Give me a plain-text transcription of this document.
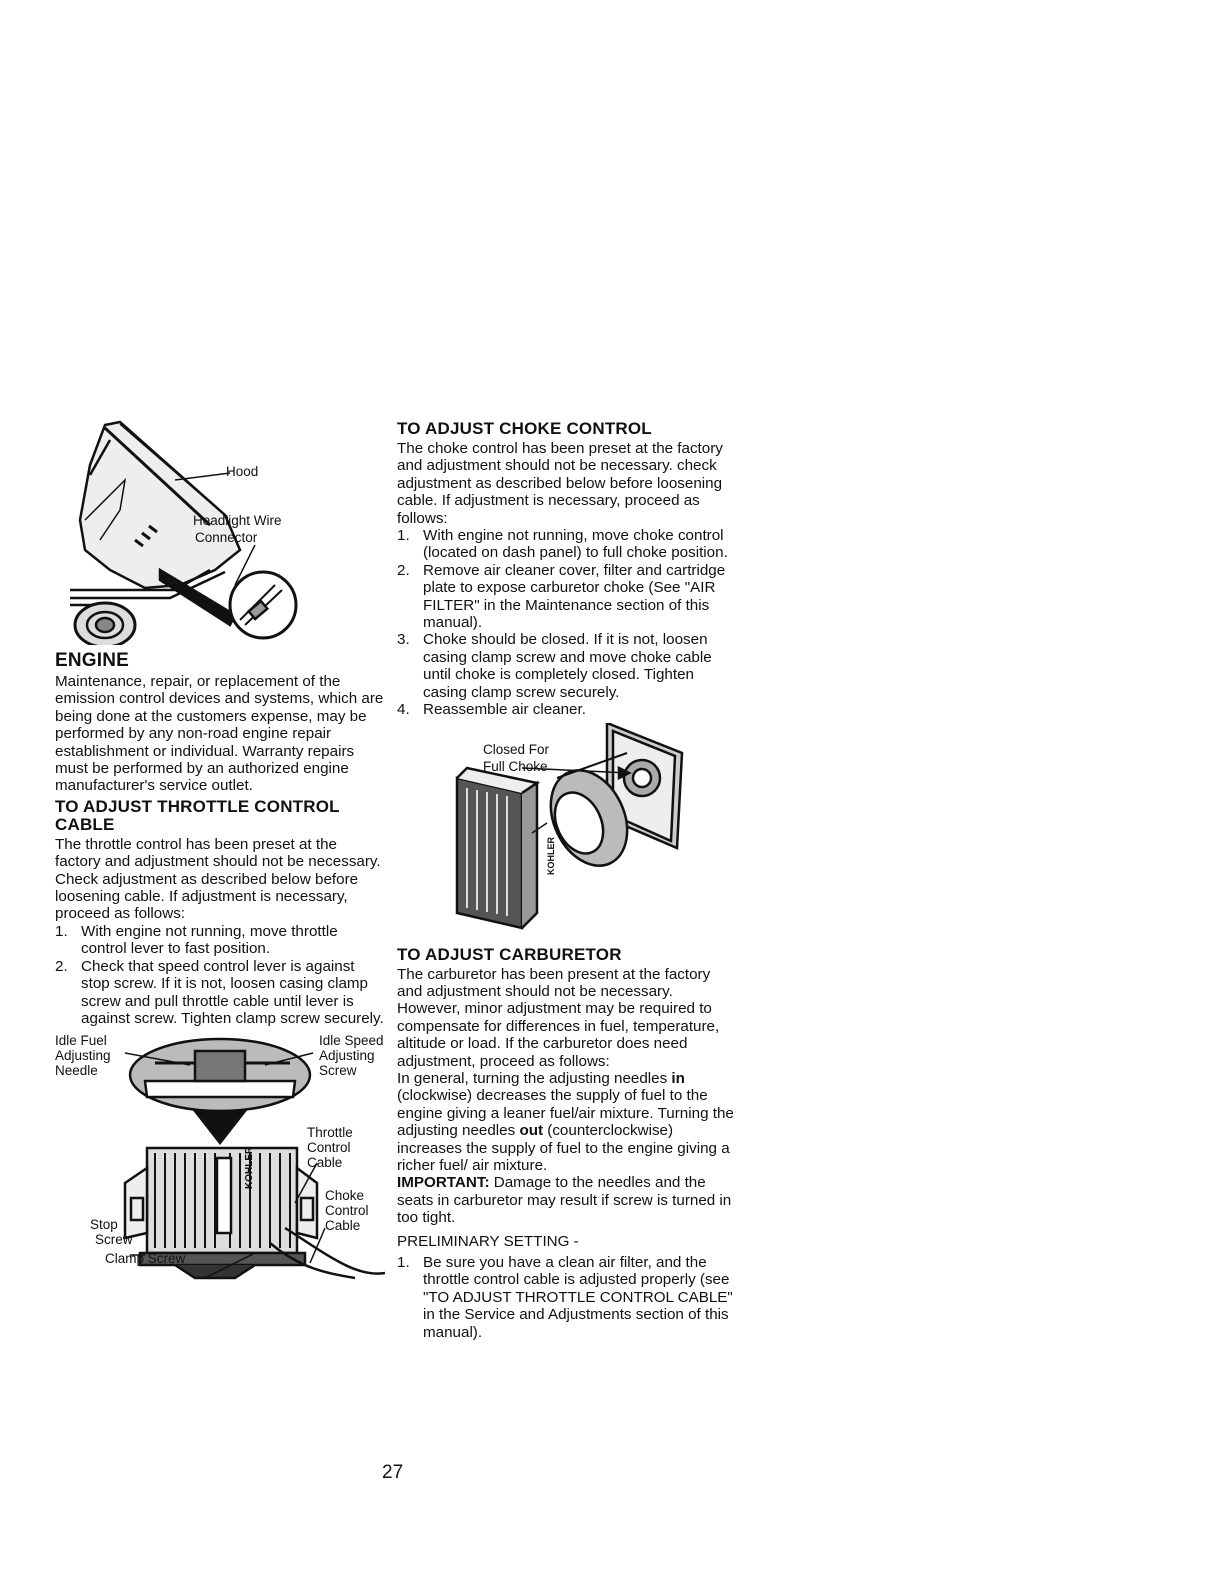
Hood
Headlight Wire
Connector
ENGINE

Maintenance, repair, or replacement of the emission control devices and systems, which are being done at the customers expense, may be performed by any non-road engine repair establishment or individual. Warranty repairs must be performed by an authorized engine manufacturer's service outlet.

TO ADJUST THROTTLE CONTROL
CABLE

The throttle control has been preset at the factory and adjustment should not be necessary. Check adjustment as described below before loosening cable. If adjustment is necessary, proceed as follows:

1. With engine not running, move throttle control lever to fast position.
2. Check that speed control lever is against stop screw. If it is not, loosen casing clamp screw and pull throttle cable until lever is against screw. Tighten clamp screw securely.
KOHLER
Idle Fuel
Adjusting
Needle
Idle Speed
Adjusting
Screw
Throttle
Control
Cable
Choke
Control
Cable
Stop
Screw
Clamp Screw
TO ADJUST CHOKE CONTROL

The choke control has been preset at the factory and adjustment should not be necessary. check adjustment as described below before loosening cable. If adjustment is necessary, proceed as follows:

1. With engine not running, move choke control (located on dash panel) to full choke position.
2. Remove air cleaner cover, filter and cartridge plate to expose carburetor choke (See "AIR FILTER" in the Maintenance section of this manual).
3. Choke should be closed. If it is not, loosen casing clamp screw and move choke cable until choke is completely closed. Tighten casing clamp screw securely.
4. Reassemble air cleaner.
KOHLER
Closed For
Full Choke
TO ADJUST CARBURETOR

The carburetor has been present at the factory and adjustment should not be necessary. However, minor adjustment may be required to compensate for differences in fuel, temperature, altitude or load. If the carburetor does need adjustment, proceed as follows:

In general, turning the adjusting needles in (clockwise) decreases the supply of fuel to the engine giving a leaner fuel/air mixture. Turning the adjusting needles out (counterclockwise) increases the supply of fuel to the engine giving a richer fuel/ air mixture.

IMPORTANT: Damage to the needles and the seats in carburetor may result if screw is turned in too tight.

PRELIMINARY SETTING -

1. Be sure you have a clean air filter, and the throttle control cable is adjusted properly (see "TO ADJUST THROTTLE CONTROL CABLE" in the Service and Adjustments section of this manual).
27
